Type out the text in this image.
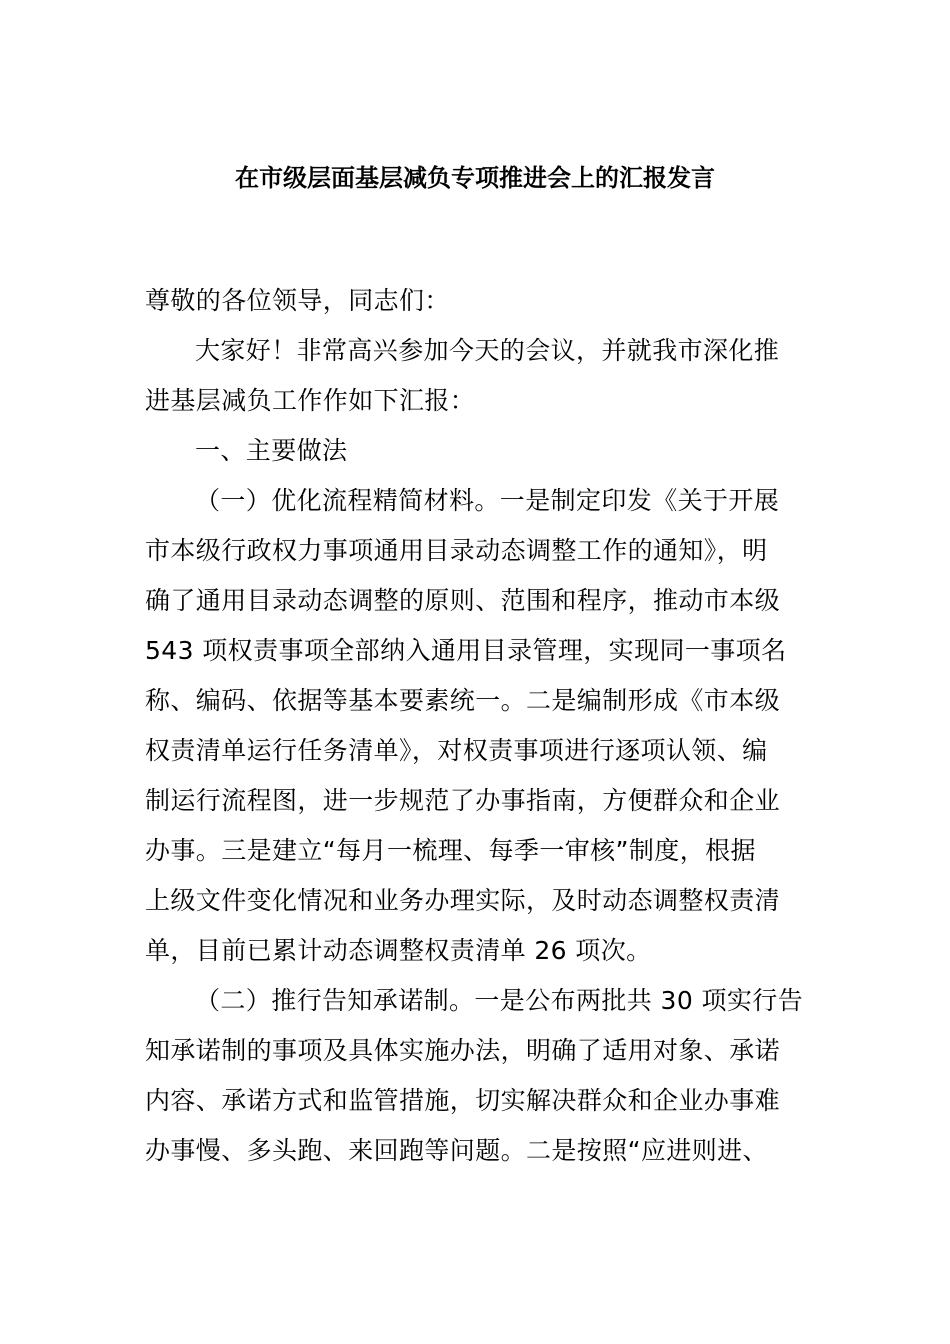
在市级层面基层减负专项推进会上的汇报发言
尊敬的各位领导，同志们：
大家好！非常高兴参加今天的会议，并就我市深化推
进基层减负工作作如下汇报：
一、主要做法
（一）优化流程精简材料。一是制定印发《关于开展
市本级行政权力事项通用目录动态调整工作的通知》，明
确了通用目录动态调整的原则、范围和程序，推动市本级
543 项权责事项全部纳入通用目录管理，实现同一事项名
称、编码、依据等基本要素统一。二是编制形成《市本级
权责清单运行任务清单》，对权责事项进行逐项认领、编
制运行流程图，进一步规范了办事指南，方便群众和企业
办事。三是建立“每月一梳理、每季一审核”制度，根据
上级文件变化情况和业务办理实际，及时动态调整权责清
单，目前已累计动态调整权责清单 26 项次。
（二）推行告知承诺制。一是公布两批共 30 项实行告
知承诺制的事项及具体实施办法，明确了适用对象、承诺
内容、承诺方式和监管措施，切实解决群众和企业办事难
办事慢、多头跑、来回跑等问题。二是按照“应进则进、
